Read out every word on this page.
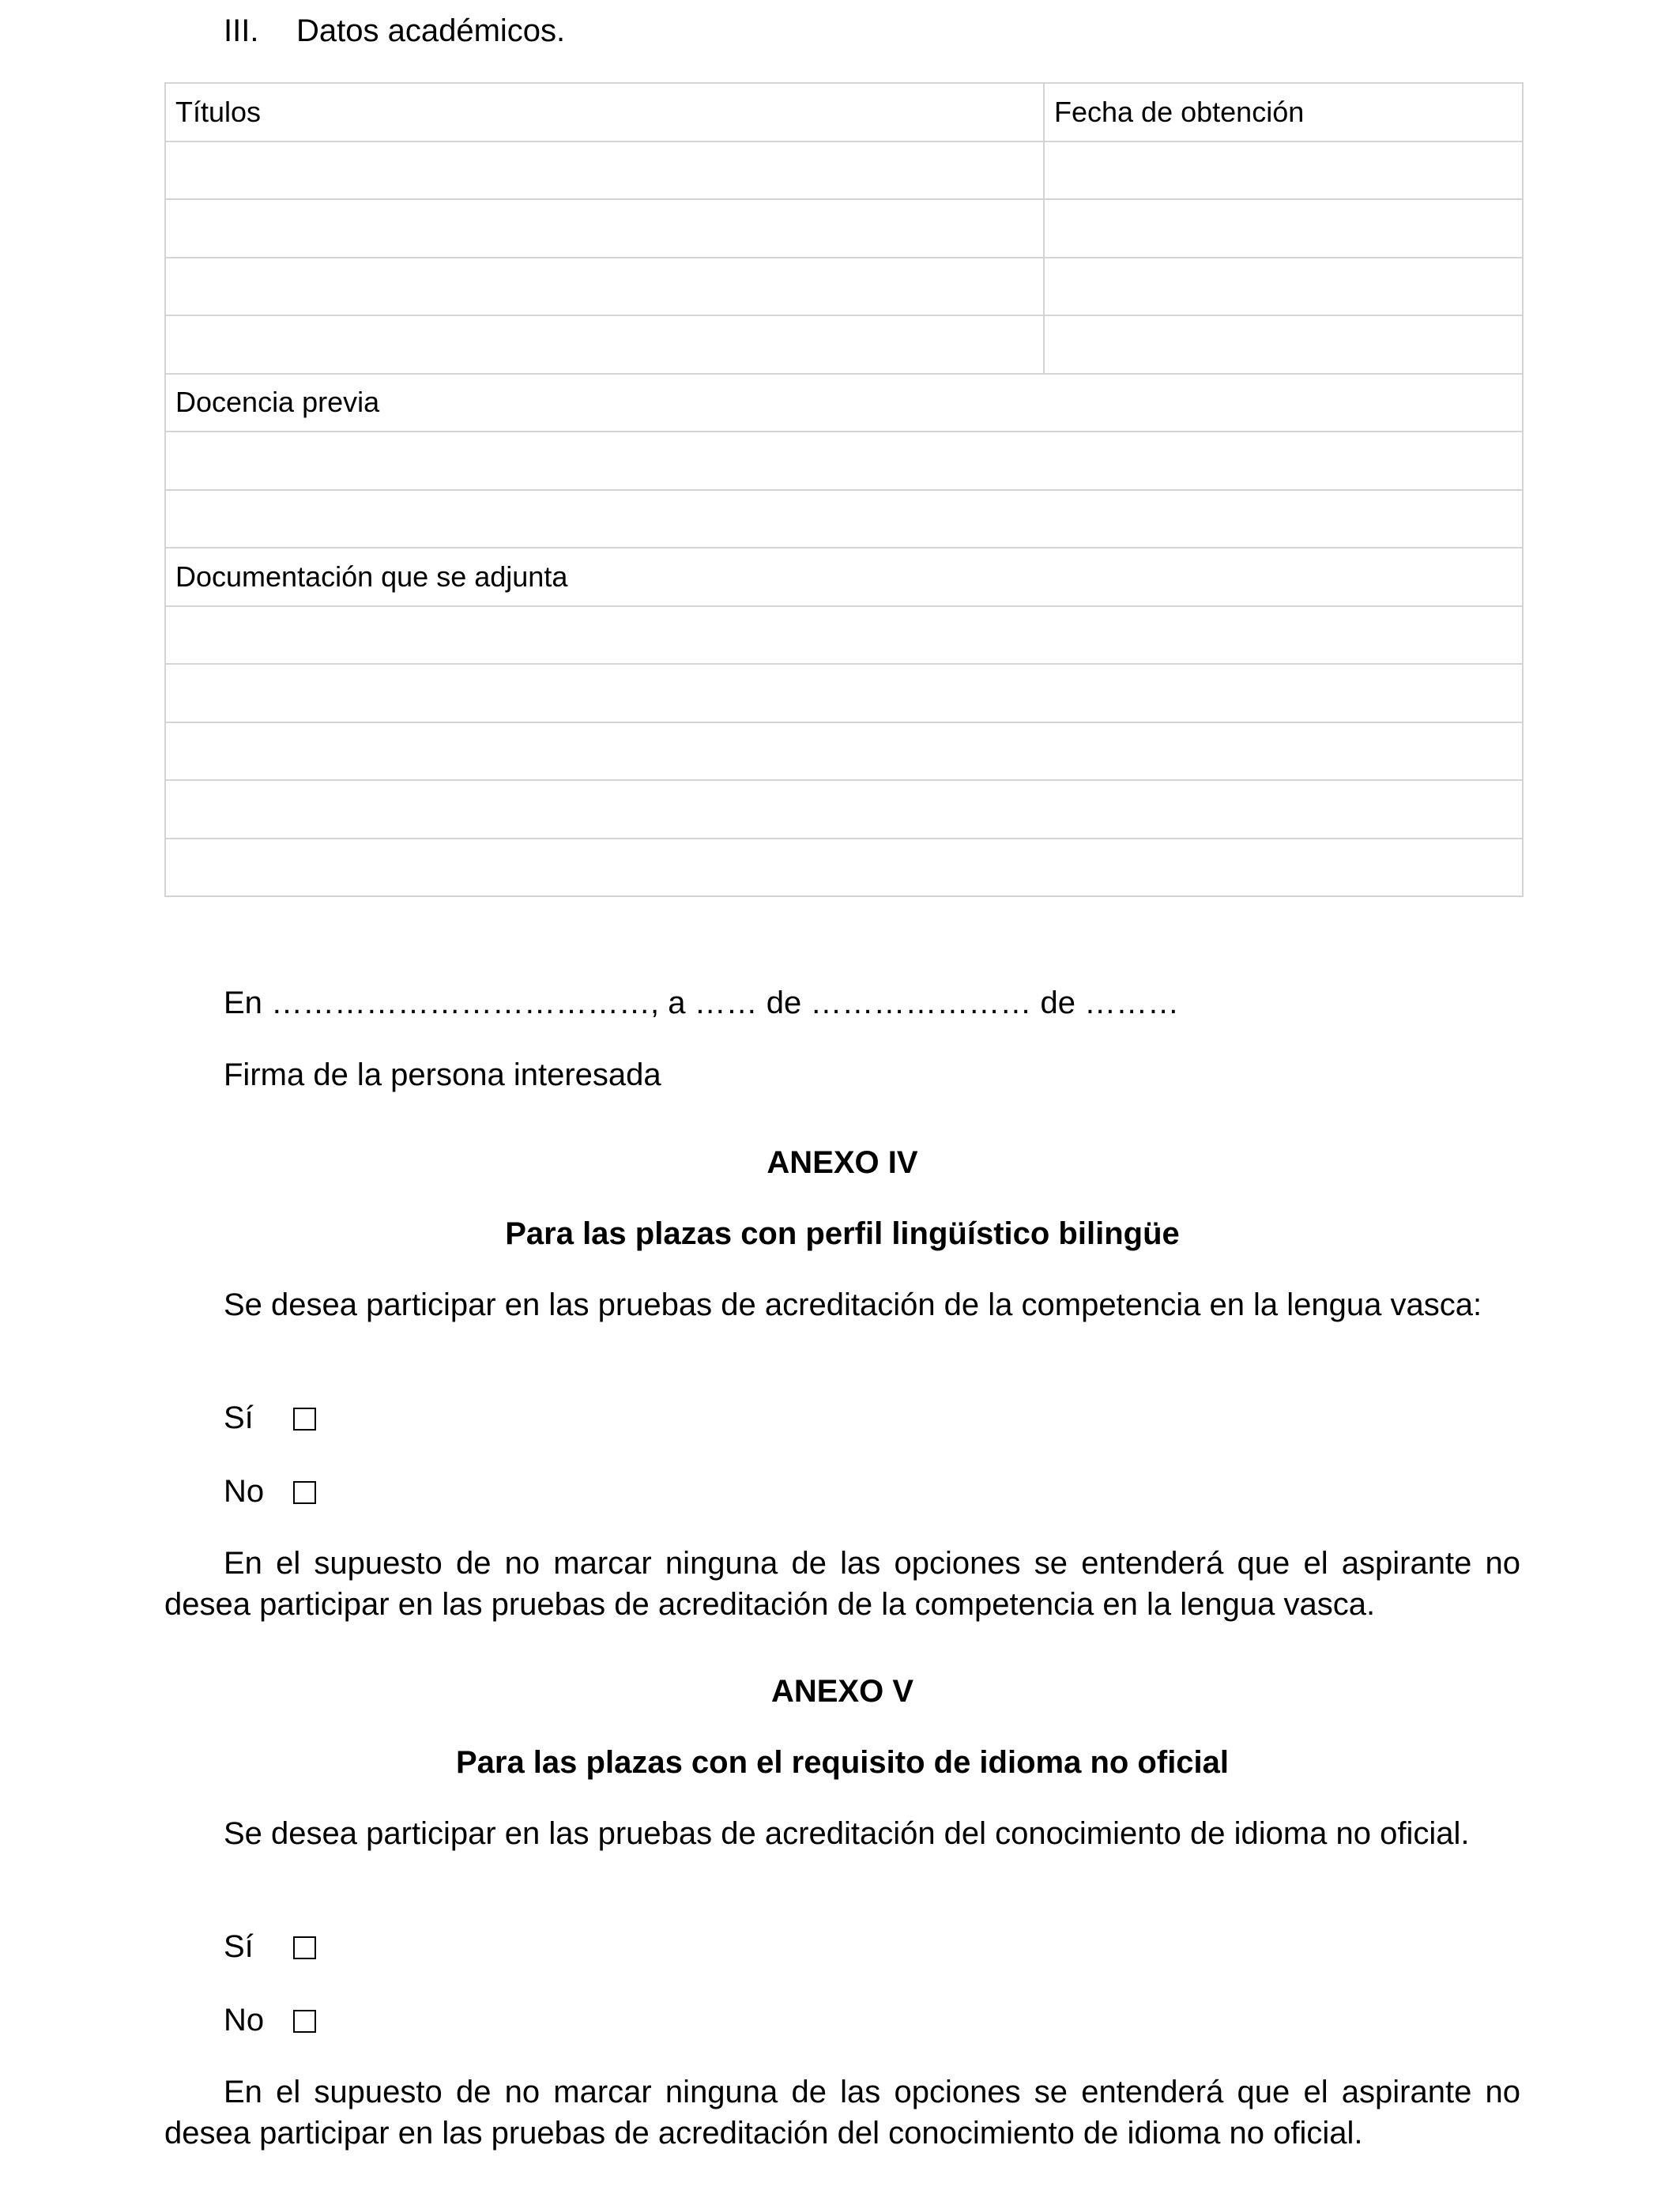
III. Datos académicos.
Títulos	Fecha de obtención

Docencia previa	

Documentación que se adjunta	

En ………………………………, a …… de ………………… de ………
Firma de la persona interesada
ANEXO IV
Para las plazas con perfil lingüístico bilingüe
Se desea participar en las pruebas de acreditación de la competencia en la lengua vasca:
Sí
No
En el supuesto de no marcar ninguna de las opciones se entenderá que el aspirante no desea participar en las pruebas de acreditación de la competencia en la lengua vasca.
ANEXO V
Para las plazas con el requisito de idioma no oficial
Se desea participar en las pruebas de acreditación del conocimiento de idioma no oficial.
Sí
No
En el supuesto de no marcar ninguna de las opciones se entenderá que el aspirante no desea participar en las pruebas de acreditación del conocimiento de idioma no oficial.
